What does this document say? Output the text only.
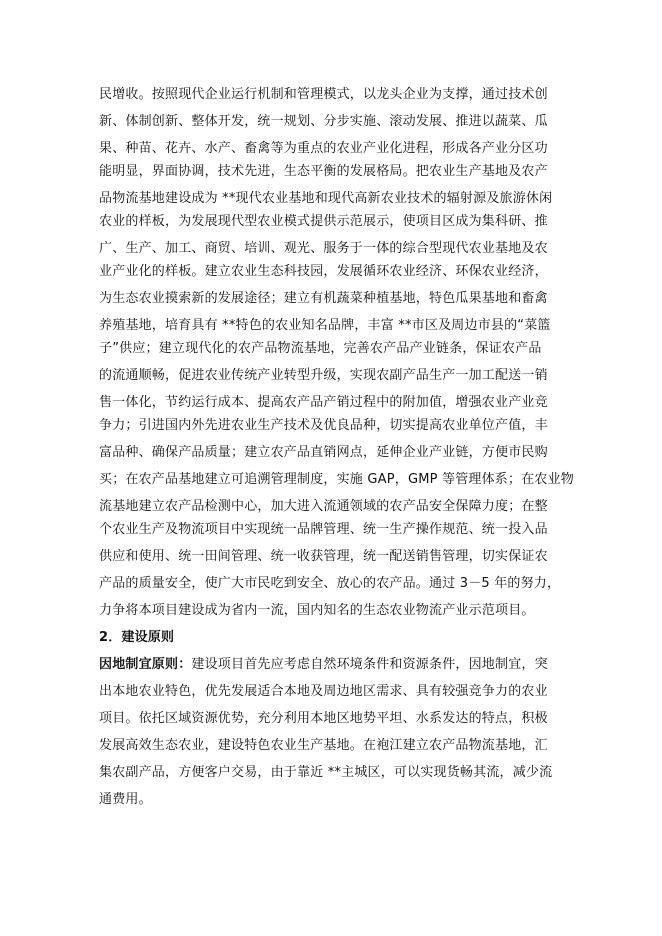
民增收。按照现代企业运行机制和管理模式，以龙头企业为支撑，通过技术创
新、体制创新、整体开发，统一规划、分步实施、滚动发展、推进以蔬菜、瓜
果、种苗、花卉、水产、畜禽等为重点的农业产业化进程，形成各产业分区功
能明显，界面协调，技术先进，生态平衡的发展格局。把农业生产基地及农产
品物流基地建设成为 **现代农业基地和现代高新农业技术的辐射源及旅游休闲
农业的样板，为发展现代型农业模式提供示范展示，使项目区成为集科研、推
广、生产、加工、商贸、培训、观光、服务于一体的综合型现代农业基地及农
业产业化的样板。建立农业生态科技园，发展循环农业经济、环保农业经济，
为生态农业摸索新的发展途径；建立有机蔬菜种植基地，特色瓜果基地和畜禽
养殖基地，培育具有 **特色的农业知名品牌，丰富 **市区及周边市县的“菜篮
子”供应；建立现代化的农产品物流基地，完善农产品产业链条，保证农产品
的流通顺畅，促进农业传统产业转型升级，实现农副产品生产一加工配送一销
售一体化，节约运行成本、提高农产品产销过程中的附加值，增强农业产业竞
争力；引进国内外先进农业生产技术及优良品种，切实提高农业单位产值，丰
富品种、确保产品质量；建立农产品直销网点，延伸企业产业链，方便市民购
买；在农产品基地建立可追溯管理制度，实施 GAP，GMP 等管理体系；在农业物
流基地建立农产品检测中心，加大进入流通领域的农产品安全保障力度；在整
个农业生产及物流项目中实现统一品牌管理、统一生产操作规范、统一投入品
供应和使用、统一田间管理、统一收获管理，统一配送销售管理，切实保证农
产品的质量安全，使广大市民吃到安全、放心的农产品。通过 3－5 年的努力，
力争将本项目建设成为省内一流，国内知名的生态农业物流产业示范项目。
2．建设原则
因地制宜原则：建设项目首先应考虑自然环境条件和资源条件，因地制宜，突
出本地农业特色，优先发展适合本地及周边地区需求、具有较强竞争力的农业
项目。依托区域资源优势，充分利用本地区地势平坦、水系发达的特点，积极
发展高效生态农业，建设特色农业生产基地。在袍江建立农产品物流基地，汇
集农副产品，方便客户交易，由于靠近 **主城区，可以实现货畅其流，减少流
通费用。
